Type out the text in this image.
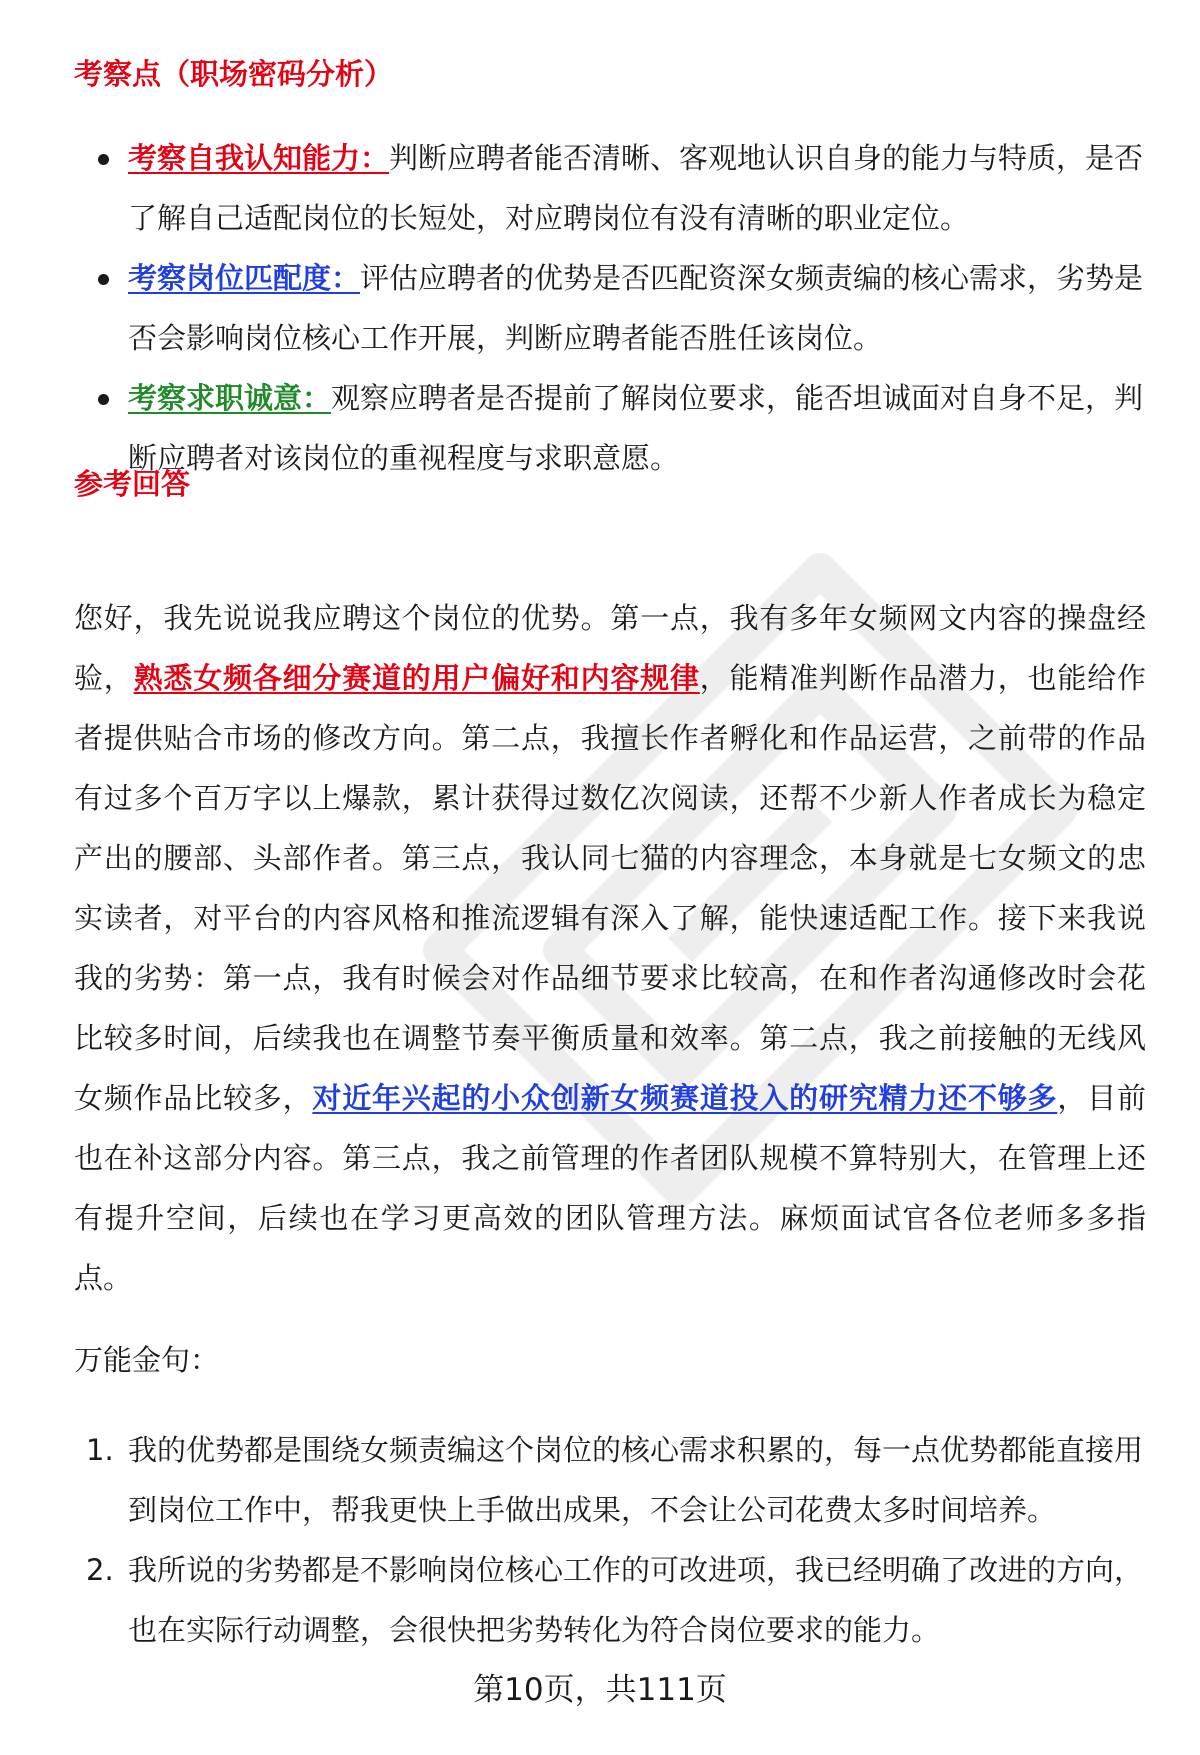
考察点（职场密码分析）
考察自我认知能力：判断应聘者能否清晰、客观地认识自身的能力与特质，是否了解自己适配岗位的长短处，对应聘岗位有没有清晰的职业定位。
考察岗位匹配度：评估应聘者的优势是否匹配资深女频责编的核心需求，劣势是否会影响岗位核心工作开展，判断应聘者能否胜任该岗位。
考察求职诚意：观察应聘者是否提前了解岗位要求，能否坦诚面对自身不足，判断应聘者对该岗位的重视程度与求职意愿。
参考回答

您好，我先说说我应聘这个岗位的优势。第一点，我有多年女频网文内容的操盘经验，熟悉女频各细分赛道的用户偏好和内容规律，能精准判断作品潜力，也能给作者提供贴合市场的修改方向。第二点，我擅长作者孵化和作品运营，之前带的作品有过多个百万字以上爆款，累计获得过数亿次阅读，还帮不少新人作者成长为稳定产出的腰部、头部作者。第三点，我认同七猫的内容理念，本身就是七女频文的忠实读者，对平台的内容风格和推流逻辑有深入了解，能快速适配工作。接下来我说我的劣势：第一点，我有时候会对作品细节要求比较高，在和作者沟通修改时会花比较多时间，后续我也在调整节奏平衡质量和效率。第二点，我之前接触的无线风女频作品比较多，对近年兴起的小众创新女频赛道投入的研究精力还不够多，目前也在补这部分内容。第三点，我之前管理的作者团队规模不算特别大，在管理上还有提升空间，后续也在学习更高效的团队管理方法。麻烦面试官各位老师多多指点。

万能金句：

1. 我的优势都是围绕女频责编这个岗位的核心需求积累的，每一点优势都能直接用到岗位工作中，帮我更快上手做出成果，不会让公司花费太多时间培养。
2. 我所说的劣势都是不影响岗位核心工作的可改进项，我已经明确了改进的方向，也在实际行动调整，会很快把劣势转化为符合岗位要求的能力。
第10页，共111页
